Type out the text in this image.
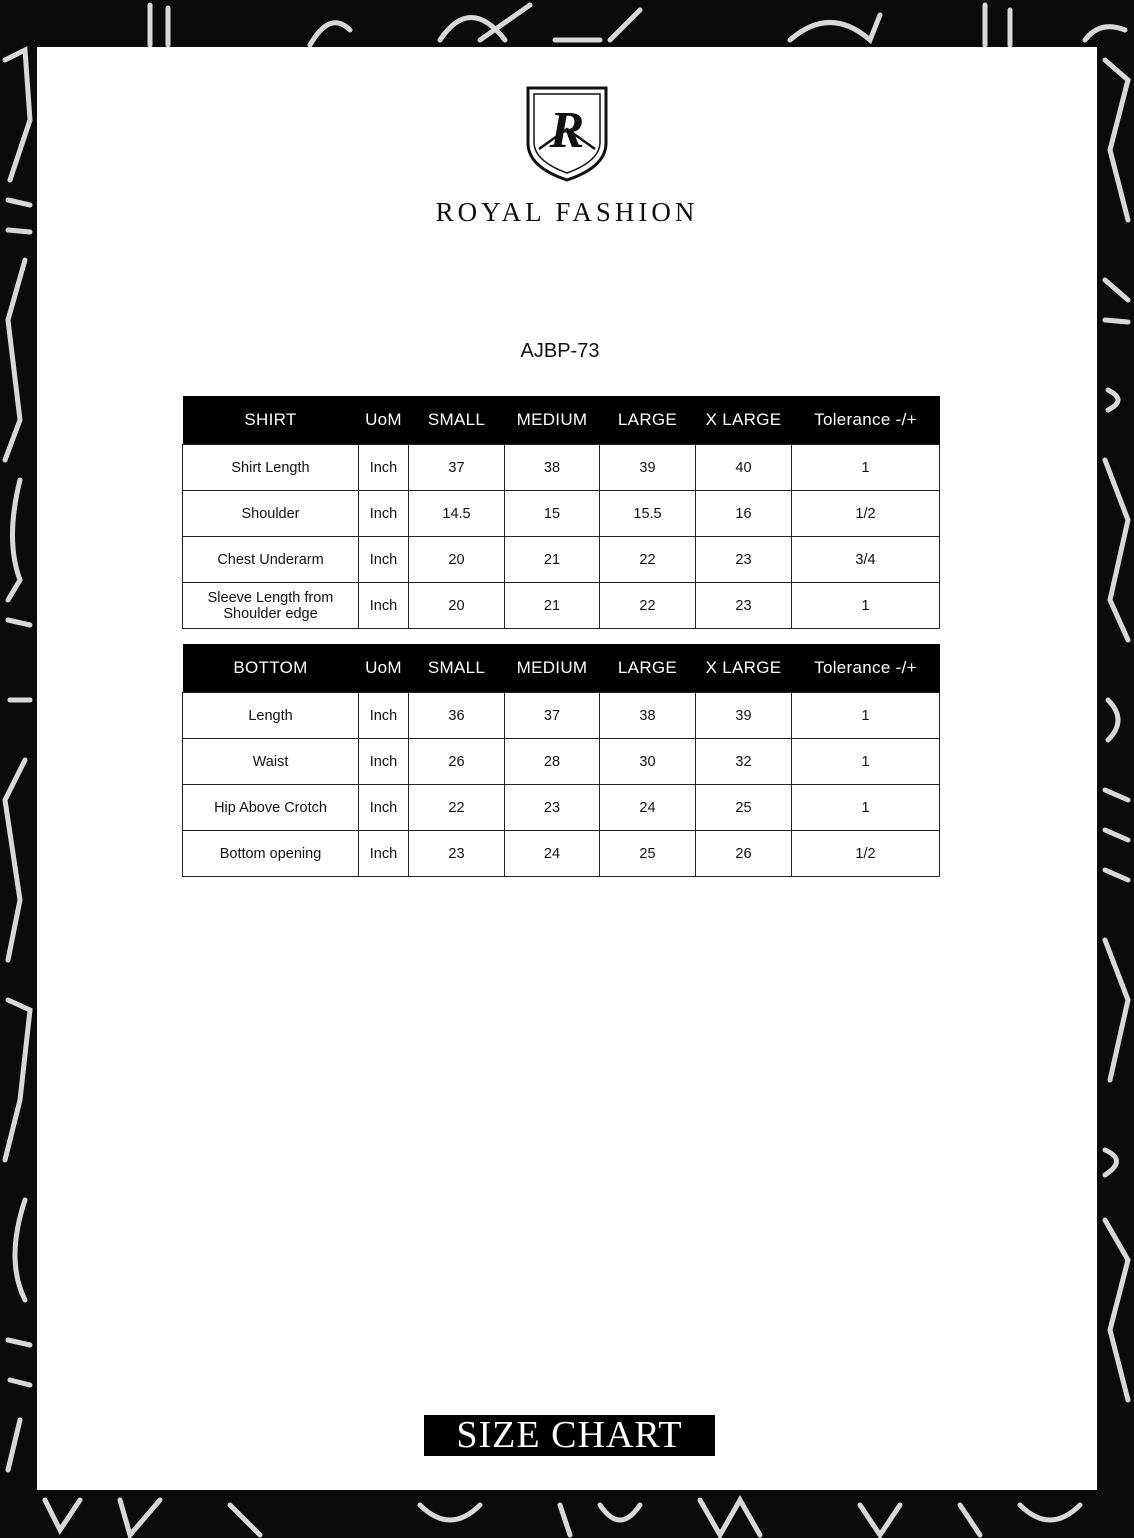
R
ROYAL FASHION
AJBP-73
SHIRT	UoM	SMALL	MEDIUM	LARGE	X LARGE	Tolerance -/+
Shirt Length	Inch	37	38	39	40	1
Shoulder	Inch	14.5	15	15.5	16	1/2
Chest Underarm	Inch	20	21	22	23	3/4
Sleeve Length from Shoulder edge	Inch	20	21	22	23	1
BOTTOM	UoM	SMALL	MEDIUM	LARGE	X LARGE	Tolerance -/+
Length	Inch	36	37	38	39	1
Waist	Inch	26	28	30	32	1
Hip Above Crotch	Inch	22	23	24	25	1
Bottom opening	Inch	23	24	25	26	1/2
SIZE CHART
